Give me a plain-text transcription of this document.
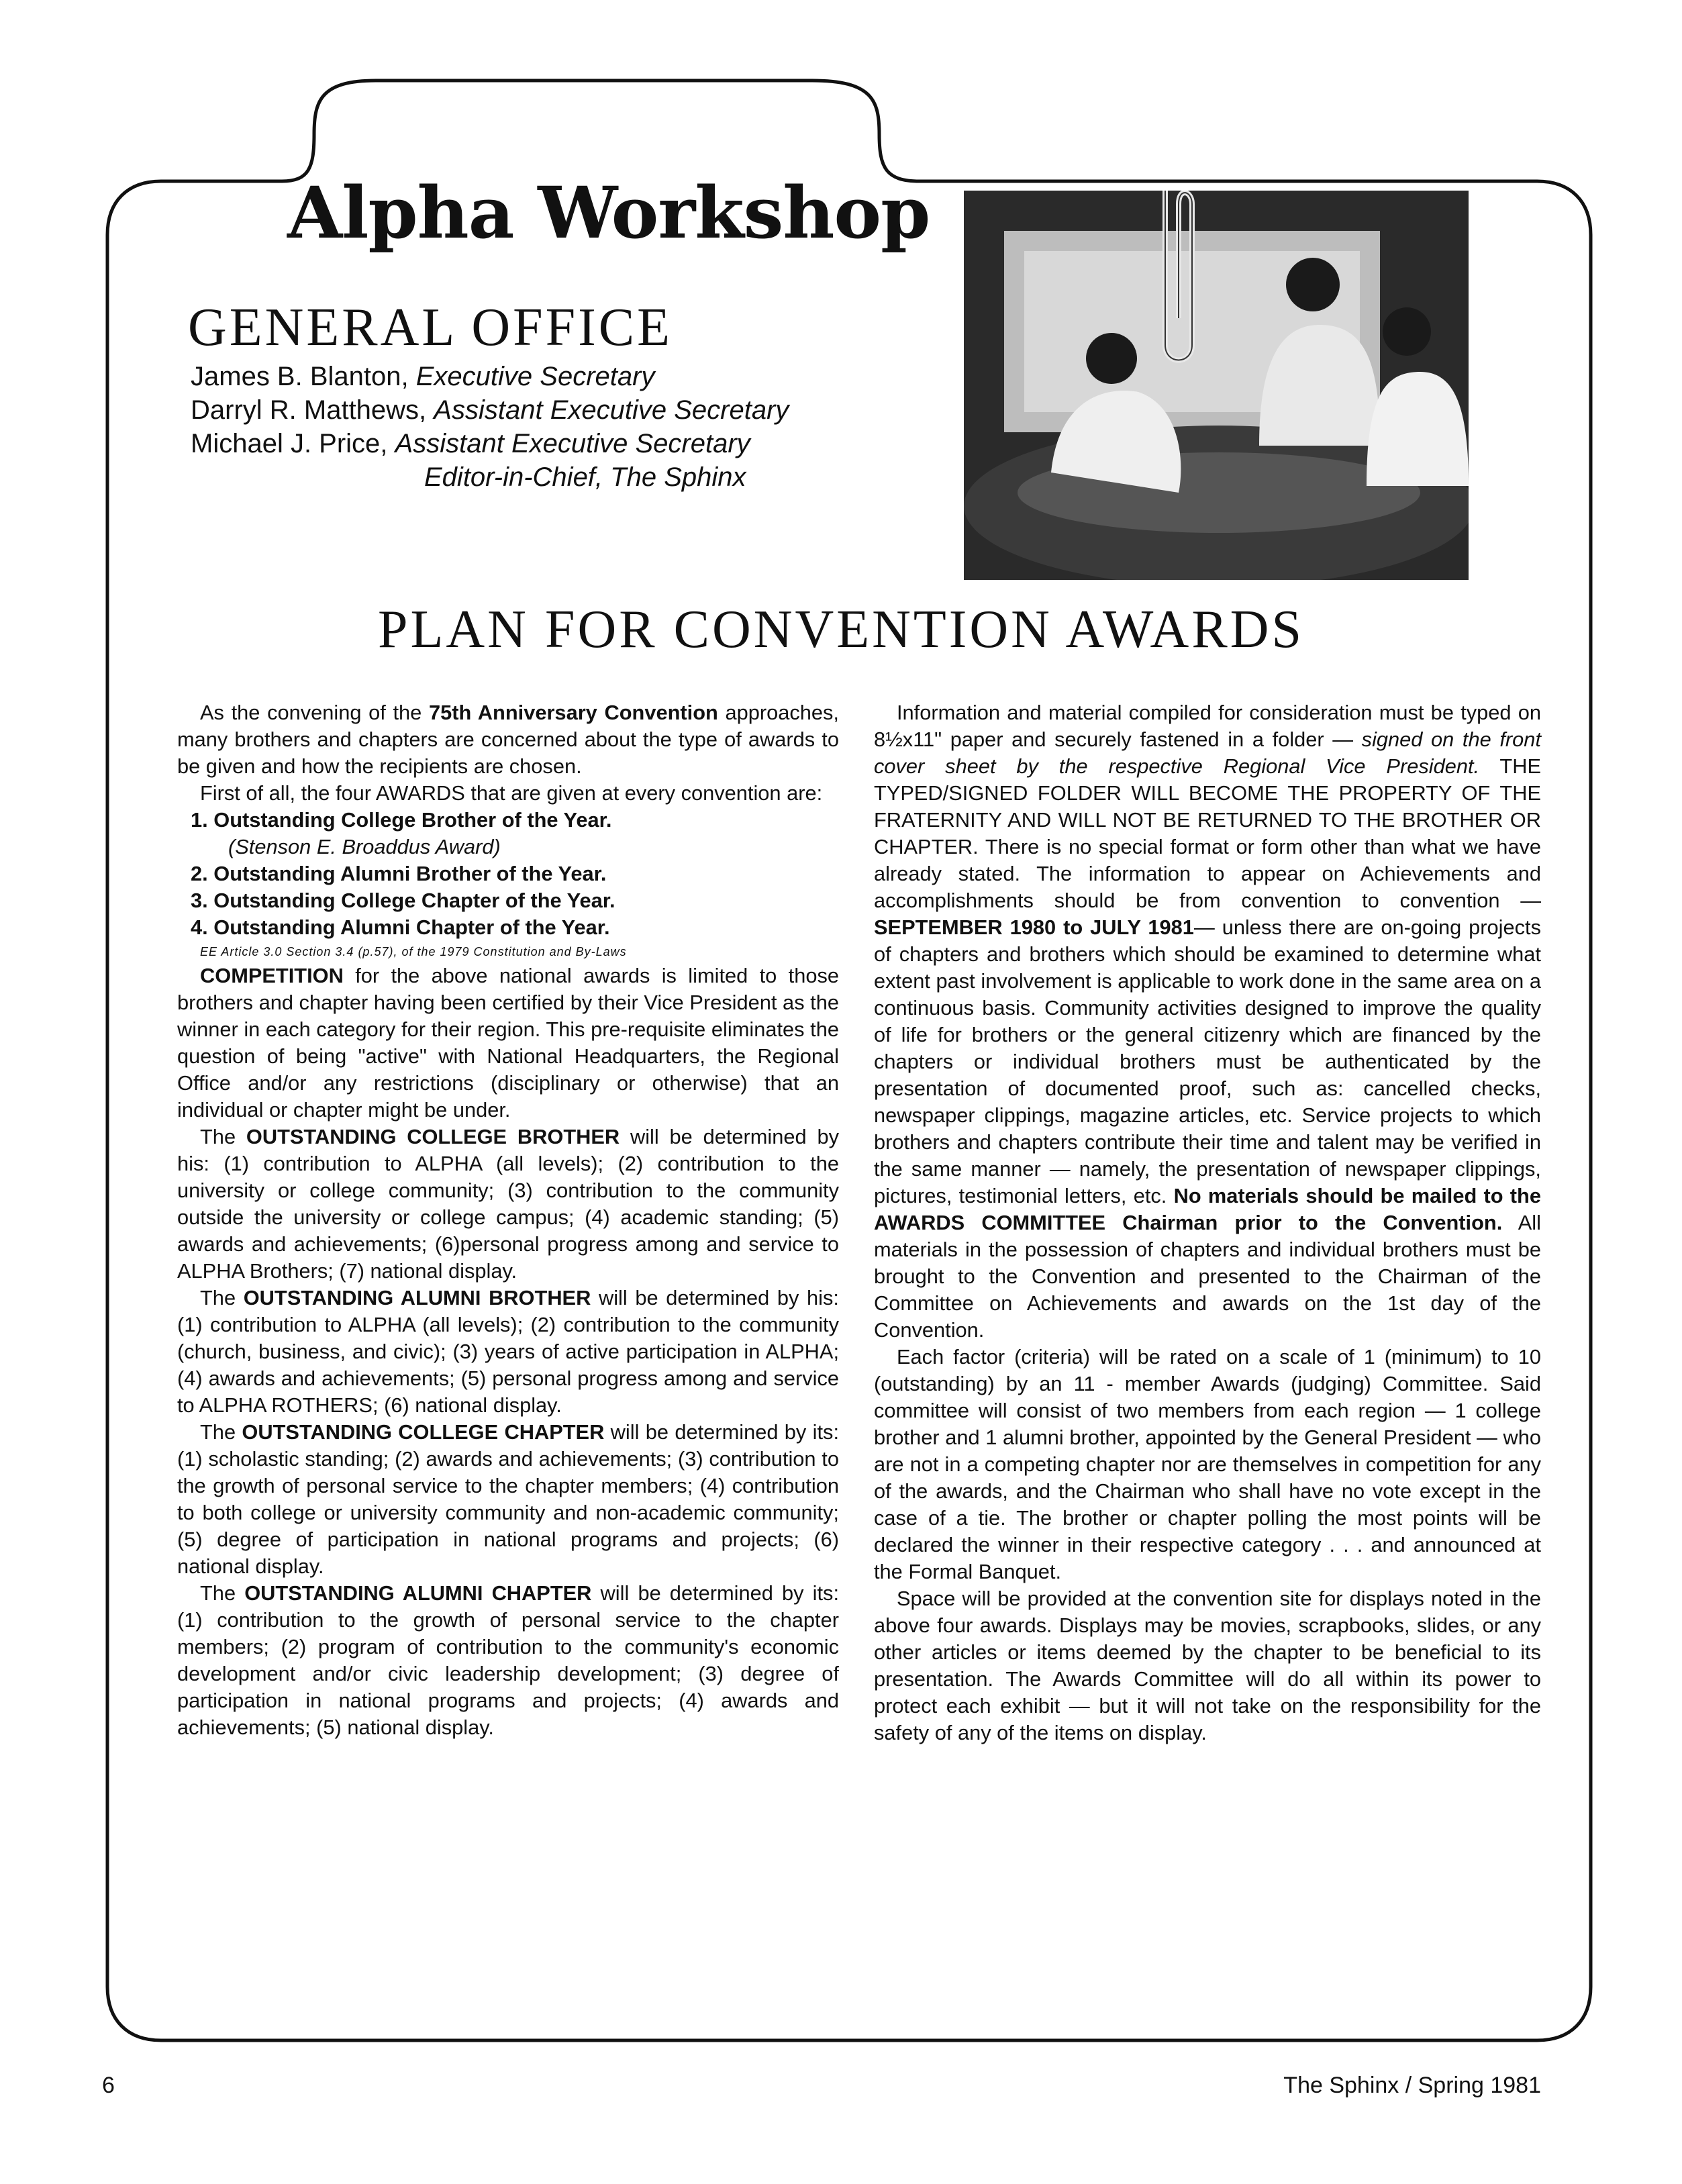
Alpha Workshop
GENERAL OFFICE
James B. Blanton, Executive Secretary
Darryl R. Matthews, Assistant Executive Secretary
Michael J. Price, Assistant Executive Secretary
Editor-in-Chief, The Sphinx
PLAN FOR CONVENTION AWARDS

As the convening of the 75th Anniversary Convention approaches, many brothers and chapters are concerned about the type of awards to be given and how the recipients are chosen.

First of all, the four AWARDS that are given at every convention are:

1. Outstanding College Brother of the Year.
(Stenson E. Broaddus Award)
2. Outstanding Alumni Brother of the Year.
3. Outstanding College Chapter of the Year.
4. Outstanding Alumni Chapter of the Year.
EE Article 3.0 Section 3.4 (p.57), of the 1979 Constitution and By-Laws

COMPETITION for the above national awards is limited to those brothers and chapter having been certified by their Vice President as the winner in each category for their region. This pre-requisite eliminates the question of being "active" with National Headquarters, the Regional Office and/or any restrictions (disciplinary or otherwise) that an individual or chapter might be under.

The OUTSTANDING COLLEGE BROTHER will be determined by his: (1) contribution to ALPHA (all levels); (2) contribution to the university or college community; (3) contribution to the community outside the university or college campus; (4) academic standing; (5) awards and achievements; (6)personal progress among and service to ALPHA Brothers; (7) national display.

The OUTSTANDING ALUMNI BROTHER will be determined by his: (1) contribution to ALPHA (all levels); (2) contribution to the community (church, business, and civic); (3) years of active participation in ALPHA; (4) awards and achievements; (5) personal progress among and service to ALPHA ROTHERS; (6) national display.

The OUTSTANDING COLLEGE CHAPTER will be determined by its: (1) scholastic standing; (2) awards and achievements; (3) contribution to the growth of personal service to the chapter members; (4) contribution to both college or university community and non-academic community; (5) degree of participation in national programs and projects; (6) national display.

The OUTSTANDING ALUMNI CHAPTER will be determined by its: (1) contribution to the growth of personal service to the chapter members; (2) program of contribution to the community's economic development and/or civic leadership development; (3) degree of participation in national programs and projects; (4) awards and achievements; (5) national display.

Information and material compiled for consideration must be typed on 8½x11" paper and securely fastened in a folder — signed on the front cover sheet by the respective Regional Vice President. THE TYPED/SIGNED FOLDER WILL BECOME THE PROPERTY OF THE FRATERNITY AND WILL NOT BE RETURNED TO THE BROTHER OR CHAPTER. There is no special format or form other than what we have already stated. The information to appear on Achievements and accomplishments should be from convention to convention —SEPTEMBER 1980 to JULY 1981— unless there are on-going projects of chapters and brothers which should be examined to determine what extent past involvement is applicable to work done in the same area on a continuous basis. Community activities designed to improve the quality of life for brothers or the general citizenry which are financed by the chapters or individual brothers must be authenticated by the presentation of documented proof, such as: cancelled checks, newspaper clippings, magazine articles, etc. Service projects to which brothers and chapters contribute their time and talent may be verified in the same manner — namely, the presentation of newspaper clippings, pictures, testimonial letters, etc. No materials should be mailed to the AWARDS COMMITTEE Chairman prior to the Convention. All materials in the possession of chapters and individual brothers must be brought to the Convention and presented to the Chairman of the Committee on Achievements and awards on the 1st day of the Convention.

Each factor (criteria) will be rated on a scale of 1 (minimum) to 10 (outstanding) by an 11 - member Awards (judging) Committee. Said committee will consist of two members from each region — 1 college brother and 1 alumni brother, appointed by the General President — who are not in a competing chapter nor are themselves in competition for any of the awards, and the Chairman who shall have no vote except in the case of a tie. The brother or chapter polling the most points will be declared the winner in their respective category . . . and announced at the Formal Banquet.

Space will be provided at the convention site for displays noted in the above four awards. Displays may be movies, scrapbooks, slides, or any other articles or items deemed by the chapter to be beneficial to its presentation. The Awards Committee will do all within its power to protect each exhibit — but it will not take on the responsibility for the safety of any of the items on display.

6	The Sphinx / Spring 1981
